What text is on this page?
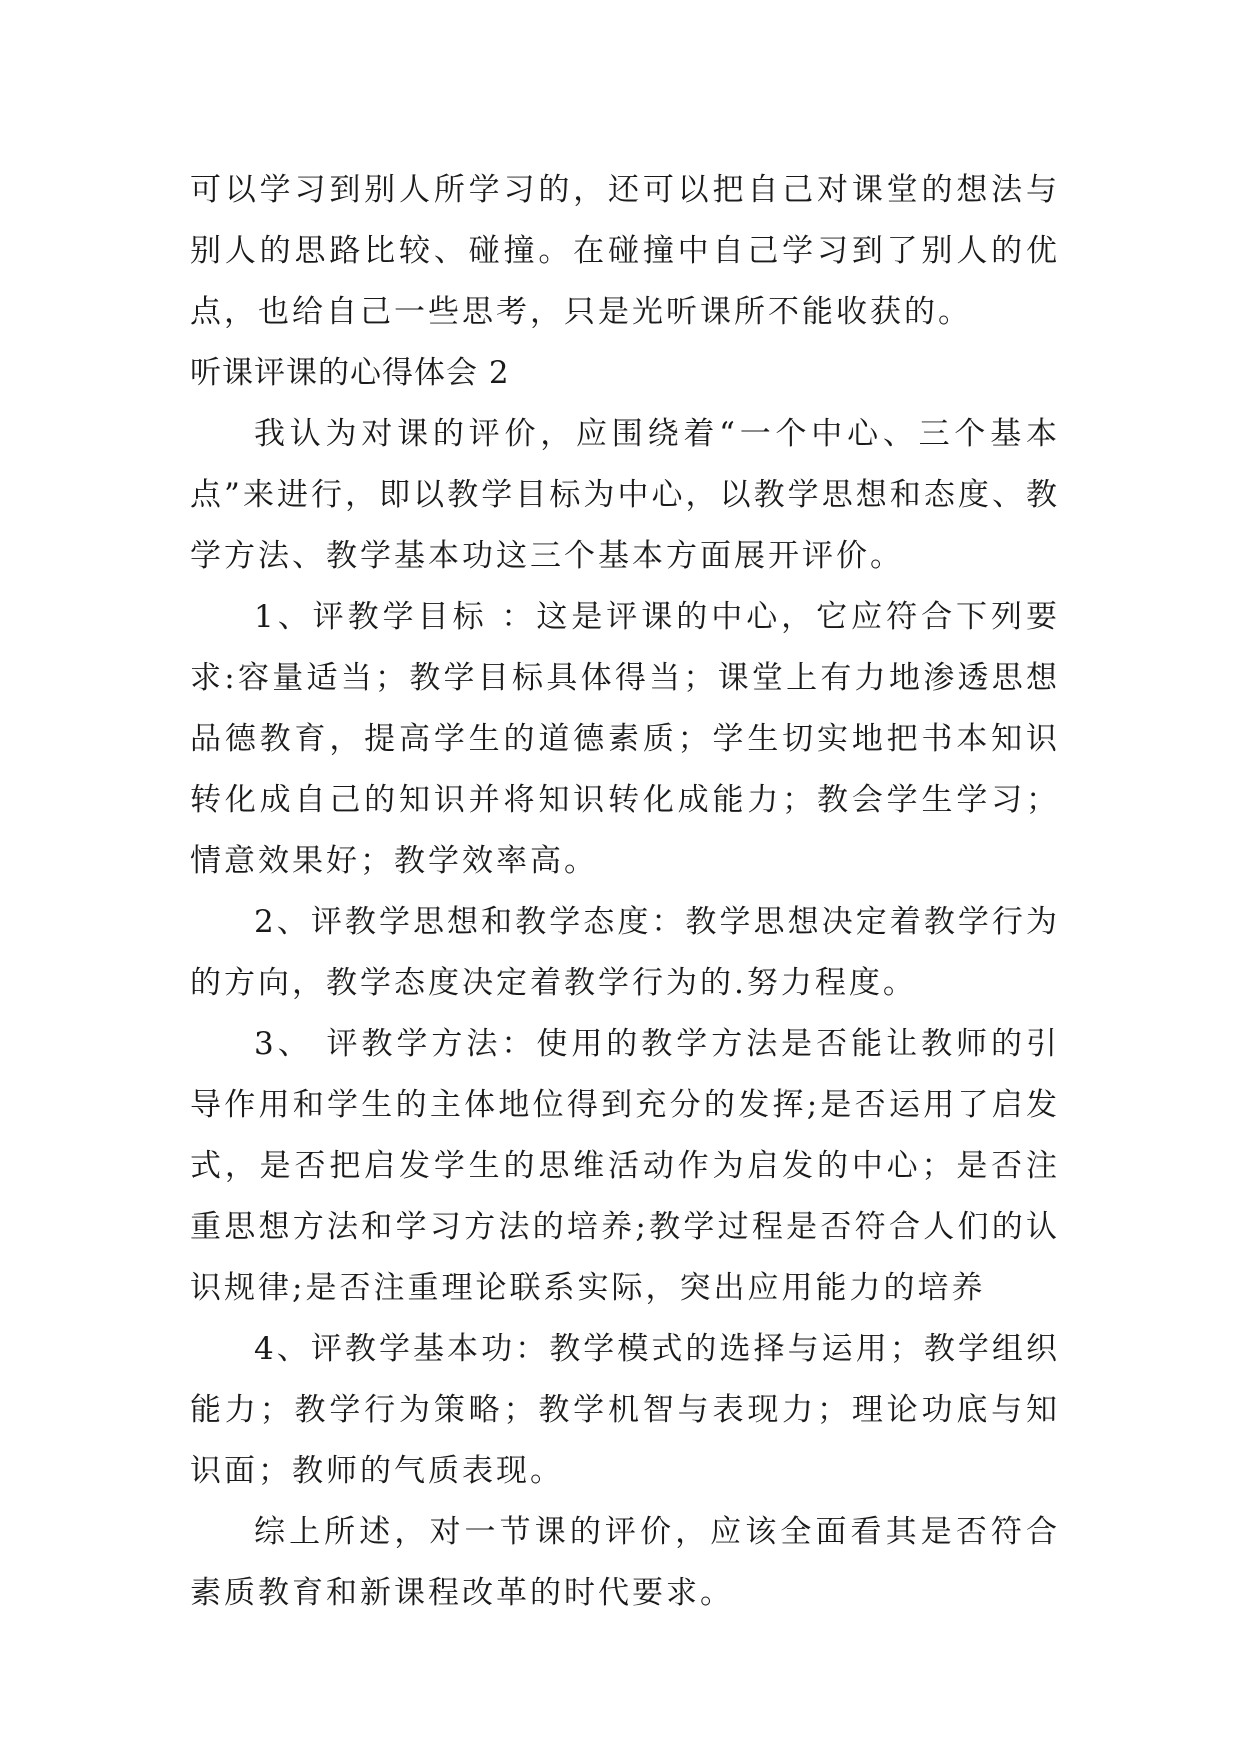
可以学习到别人所学习的，还可以把自己对课堂的想法与别人的思路比较、碰撞。在碰撞中自己学习到了别人的优点，也给自己一些思考，只是光听课所不能收获的。

听课评课的心得体会 2

我认为对课的评价，应围绕着“一个中心、三个基本点”来进行，即以教学目标为中心，以教学思想和态度、教学方法、教学基本功这三个基本方面展开评价。

1、评教学目标 ：这是评课的中心，它应符合下列要求:容量适当；教学目标具体得当；课堂上有力地渗透思想品德教育，提高学生的道德素质；学生切实地把书本知识转化成自己的知识并将知识转化成能力；教会学生学习；情意效果好；教学效率高。

2、评教学思想和教学态度：教学思想决定着教学行为的方向，教学态度决定着教学行为的.努力程度。

3、 评教学方法：使用的教学方法是否能让教师的引导作用和学生的主体地位得到充分的发挥;是否运用了启发式，是否把启发学生的思维活动作为启发的中心；是否注重思想方法和学习方法的培养;教学过程是否符合人们的认识规律;是否注重理论联系实际，突出应用能力的培养

4、评教学基本功：教学模式的选择与运用；教学组织能力；教学行为策略；教学机智与表现力；理论功底与知识面；教师的气质表现。

综上所述，对一节课的评价，应该全面看其是否符合素质教育和新课程改革的时代要求。
